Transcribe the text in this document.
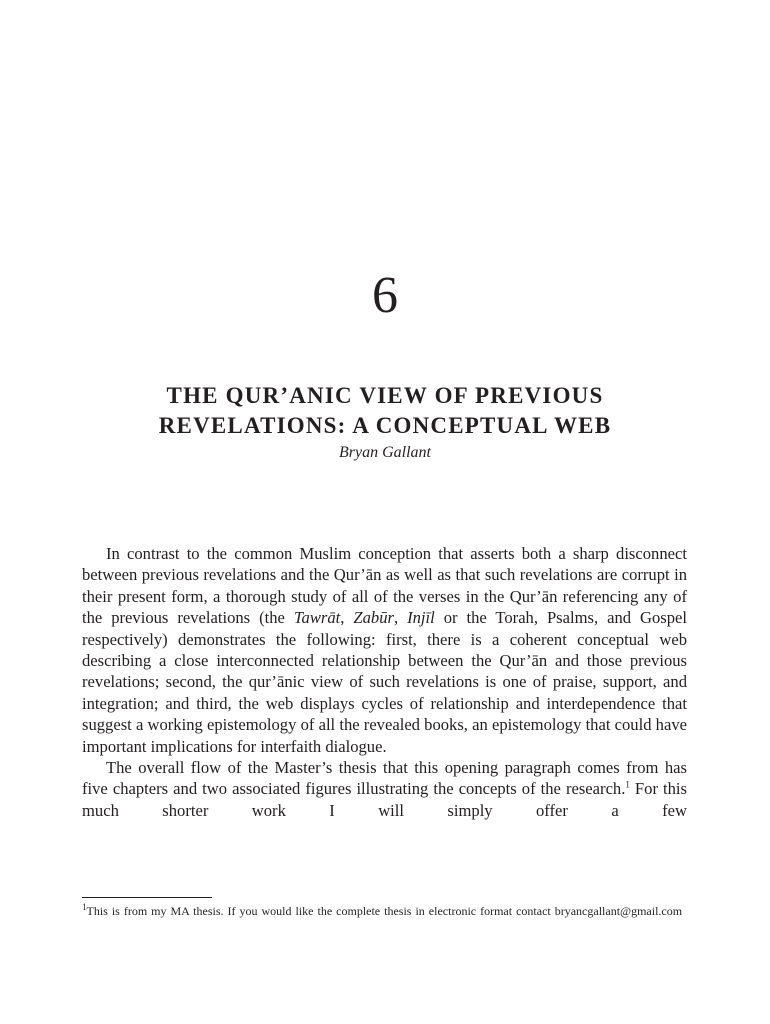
6
THE QUR’ANIC VIEW OF PREVIOUS
REVELATIONS: A CONCEPTUAL WEB
Bryan Gallant

In contrast to the common Muslim conception that asserts both a sharp disconnect between previous revelations and the Qur’ān as well as that such revelations are corrupt in their present form, a thorough study of all of the verses in the Qur’ān referencing any of the previous revelations (the Tawrāt, Zabūr, Injīl or the Torah, Psalms, and Gospel respectively) demonstrates the following: first, there is a coherent conceptual web describing a close interconnected relationship between the Qur’ān and those previous revelations; second, the qur’ānic view of such revelations is one of praise, support, and integration; and third, the web displays cycles of relationship and interdependence that suggest a working epistemology of all the revealed books, an epistemology that could have important implications for interfaith dialogue.

The overall flow of the Master’s thesis that this opening paragraph comes from has five chapters and two associated figures illustrating the concepts of the research.$^1$ For this much shorter work I will simply offer a few

$^1$This is from my MA thesis. If you would like the complete thesis in electronic format contact bryancgallant@gmail.com
